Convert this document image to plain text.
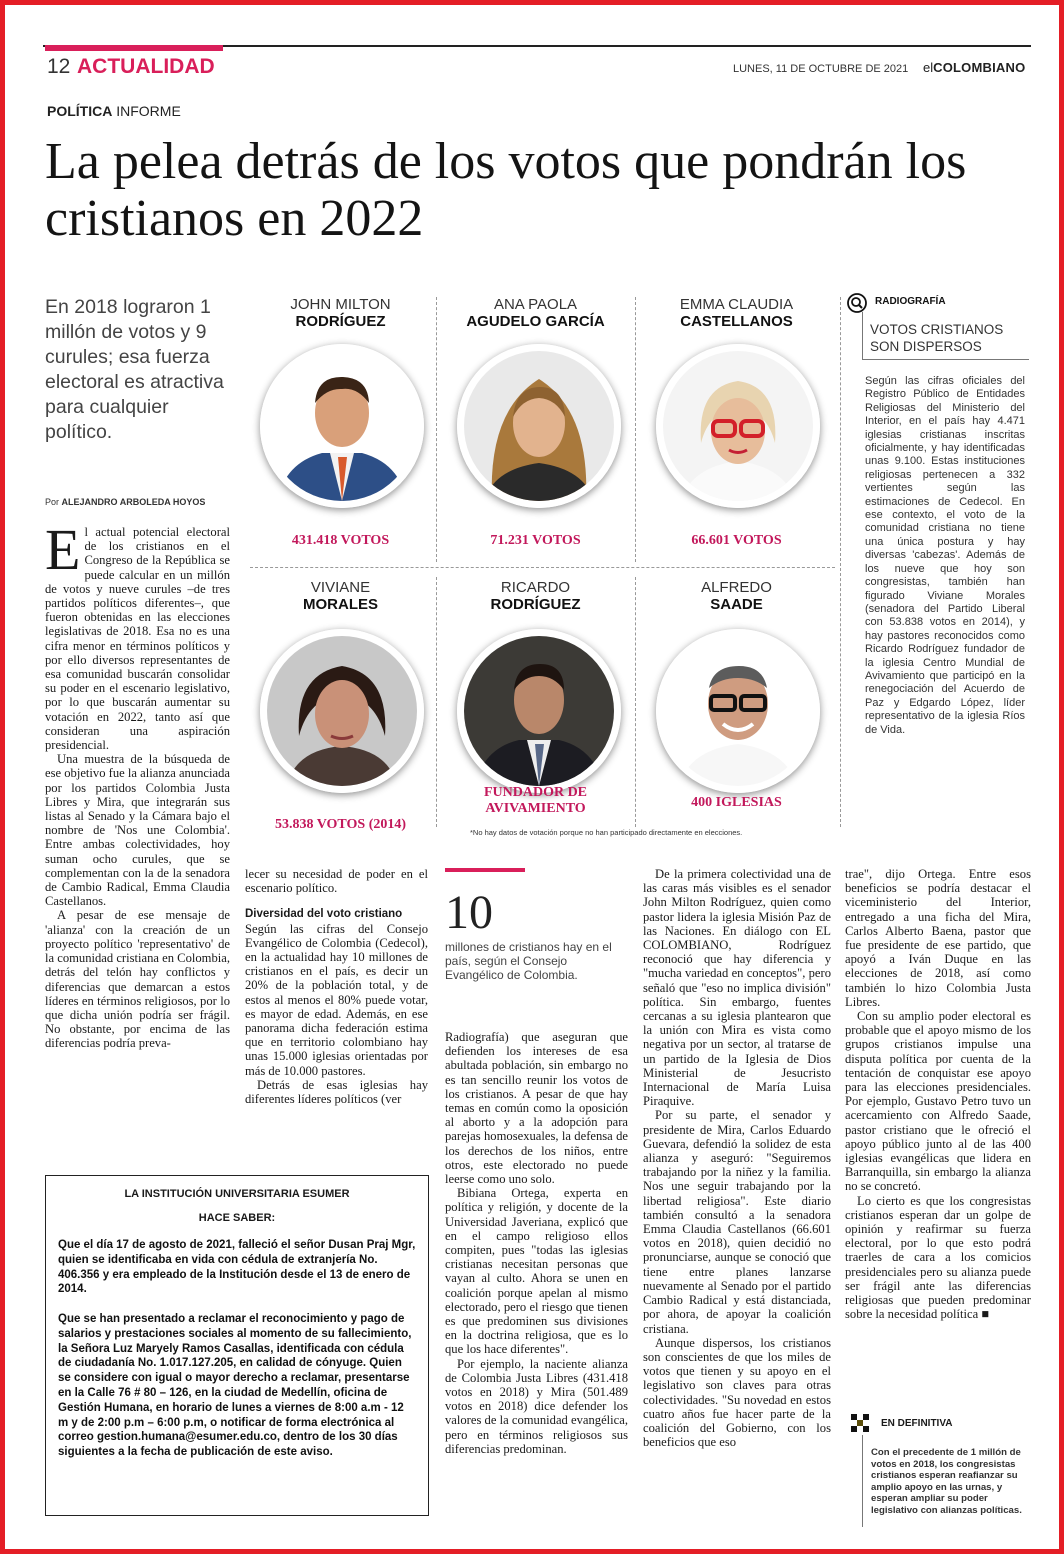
12 ACTUALIDAD	LUNES, 11 DE OCTUBRE DE 2021 elCOLOMBIANO
POLÍTICA INFORME
La pelea detrás de los votos que pondrán los cristianos en 2022
En 2018 lograron 1 millón de votos y 9 curules; esa fuerza electoral es atractiva para cualquier político.
Por ALEJANDRO ARBOLEDA HOYOS
JOHN MILTON
RODRÍGUEZ
431.418 VOTOS
ANA PAOLA
AGUDELO GARCÍA
71.231 VOTOS
EMMA CLAUDIA
CASTELLANOS
66.601 VOTOS
VIVIANE
MORALES
53.838 VOTOS (2014)
RICARDO
RODRÍGUEZ
FUNDADOR DE AVIVAMIENTO
ALFREDO
SAADE
400 IGLESIAS
*No hay datos de votación porque no han participado directamente en elecciones.
RADIOGRAFÍA
VOTOS CRISTIANOS SON DISPERSOS
Según las cifras oficiales del Registro Público de Entidades Religiosas del Ministerio del Interior, en el país hay 4.471 iglesias cristianas inscritas oficialmente, y hay identificadas unas 9.100. Estas instituciones religiosas pertenecen a 332 vertientes según las estimaciones de Cedecol. En ese contexto, el voto de la comunidad cristiana no tiene una única postura y hay diversas 'cabezas'. Además de los nueve que hoy son congresistas, también han figurado Viviane Morales (senadora del Partido Liberal con 53.838 votos en 2014), y hay pastores reconocidos como Ricardo Rodríguez fundador de la iglesia Centro Mundial de Avivamiento que participó en la renegociación del Acuerdo de Paz y Edgardo López, líder representativo de la iglesia Ríos de Vida.

El actual potencial electoral de los cristianos en el Congreso de la República se puede calcular en un millón de votos y nueve curules –de tres partidos políticos diferentes–, que fueron obtenidas en las elecciones legislativas de 2018. Esa no es una cifra menor en términos políticos y por ello diversos representantes de esa comunidad buscarán consolidar su poder en el escenario legislativo, por lo que buscarán aumentar su votación en 2022, tanto así que consideran una aspiración presidencial.

Una muestra de la búsqueda de ese objetivo fue la alianza anunciada por los partidos Colombia Justa Libres y Mira, que integrarán sus listas al Senado y la Cámara bajo el nombre de 'Nos une Colombia'. Entre ambas colectividades, hoy suman ocho curules, que se complementan con la de la senadora de Cambio Radical, Emma Claudia Castellanos.

A pesar de ese mensaje de 'alianza' con la creación de un proyecto político 'representativo' de la comunidad cristiana en Colombia, detrás del telón hay conflictos y diferencias que demarcan a estos líderes en términos religiosos, por lo que dicha unión podría ser frágil. No obstante, por encima de las diferencias podría preva-

lecer su necesidad de poder en el escenario político.

Diversidad del voto cristiano

Según las cifras del Consejo Evangélico de Colombia (Cedecol), en la actualidad hay 10 millones de cristianos en el país, es decir un 20% de la población total, y de estos al menos el 80% puede votar, es mayor de edad. Además, en ese panorama dicha federación estima que en territorio colombiano hay unas 15.000 iglesias orientadas por más de 10.000 pastores.

Detrás de esas iglesias hay diferentes líderes políticos (ver

10
millones de cristianos hay en el país, según el Consejo Evangélico de Colombia.

Radiografía) que aseguran que defienden los intereses de esa abultada población, sin embargo no es tan sencillo reunir los votos de los cristianos. A pesar de que hay temas en común como la oposición al aborto y a la adopción para parejas homosexuales, la defensa de los derechos de los niños, entre otros, este electorado no puede leerse como uno solo.

Bibiana Ortega, experta en política y religión, y docente de la Universidad Javeriana, explicó que en el campo religioso ellos compiten, pues "todas las iglesias cristianas necesitan personas que vayan al culto. Ahora se unen en coalición porque apelan al mismo electorado, pero el riesgo que tienen es que predominen sus divisiones en la doctrina religiosa, que es lo que los hace diferentes".

Por ejemplo, la naciente alianza de Colombia Justa Libres (431.418 votos en 2018) y Mira (501.489 votos en 2018) dice defender los valores de la comunidad evangélica, pero en términos religiosos sus diferencias predominan.

De la primera colectividad una de las caras más visibles es el senador John Milton Rodríguez, quien como pastor lidera la iglesia Misión Paz de las Naciones. En diálogo con EL COLOMBIANO, Rodríguez reconoció que hay diferencia y "mucha variedad en conceptos", pero señaló que "eso no implica división" política. Sin embargo, fuentes cercanas a su iglesia plantearon que la unión con Mira es vista como negativa por un sector, al tratarse de un partido de la Iglesia de Dios Ministerial de Jesucristo Internacional de María Luisa Piraquive.

Por su parte, el senador y presidente de Mira, Carlos Eduardo Guevara, defendió la solidez de esta alianza y aseguró: "Seguiremos trabajando por la niñez y la familia. Nos une seguir trabajando por la libertad religiosa". Este diario también consultó a la senadora Emma Claudia Castellanos (66.601 votos en 2018), quien decidió no pronunciarse, aunque se conoció que tiene entre planes lanzarse nuevamente al Senado por el partido Cambio Radical y está distanciada, por ahora, de apoyar la coalición cristiana.

Aunque dispersos, los cristianos son conscientes de que los miles de votos que tienen y su apoyo en el legislativo son claves para otras colectividades. "Su novedad en estos cuatro años fue hacer parte de la coalición del Gobierno, con los beneficios que eso

trae", dijo Ortega. Entre esos beneficios se podría destacar el viceministerio del Interior, entregado a una ficha del Mira, Carlos Alberto Baena, pastor que fue presidente de ese partido, que apoyó a Iván Duque en las elecciones de 2018, así como también lo hizo Colombia Justa Libres.

Con su amplio poder electoral es probable que el apoyo mismo de los grupos cristianos impulse una disputa política por cuenta de la tentación de conquistar ese apoyo para las elecciones presidenciales. Por ejemplo, Gustavo Petro tuvo un acercamiento con Alfredo Saade, pastor cristiano que le ofreció el apoyo público junto al de las 400 iglesias evangélicas que lidera en Barranquilla, sin embargo la alianza no se concretó.

Lo cierto es que los congresistas cristianos esperan dar un golpe de opinión y reafirmar su fuerza electoral, por lo que esto podrá traerles de cara a los comicios presidenciales pero su alianza puede ser frágil ante las diferencias religiosas que pueden predominar sobre la necesidad política ■

LA INSTITUCIÓN UNIVERSITARIA ESUMER
HACE SABER:
Que el día 17 de agosto de 2021, falleció el señor Dusan Praj Mgr, quien se identificaba en vida con cédula de extranjería No. 406.356 y era empleado de la Institución desde el 13 de enero de 2014.
Que se han presentado a reclamar el reconocimiento y pago de salarios y prestaciones sociales al momento de su fallecimiento, la Señora Luz Maryely Ramos Casallas, identificada con cédula de ciudadanía No. 1.017.127.205, en calidad de cónyuge. Quien se considere con igual o mayor derecho a reclamar, presentarse en la Calle 76 # 80 – 126, en la ciudad de Medellín, oficina de Gestión Humana, en horario de lunes a viernes de 8:00 a.m - 12 m y de 2:00 p.m – 6:00 p.m, o notificar de forma electrónica al correo gestion.humana@esumer.edu.co, dentro de los 30 días siguientes a la fecha de publicación de este aviso.
EN DEFINITIVA
Con el precedente de 1 millón de votos en 2018, los congresistas cristianos esperan reafianzar su amplio apoyo en las urnas, y esperan ampliar su poder legislativo con alianzas políticas.
